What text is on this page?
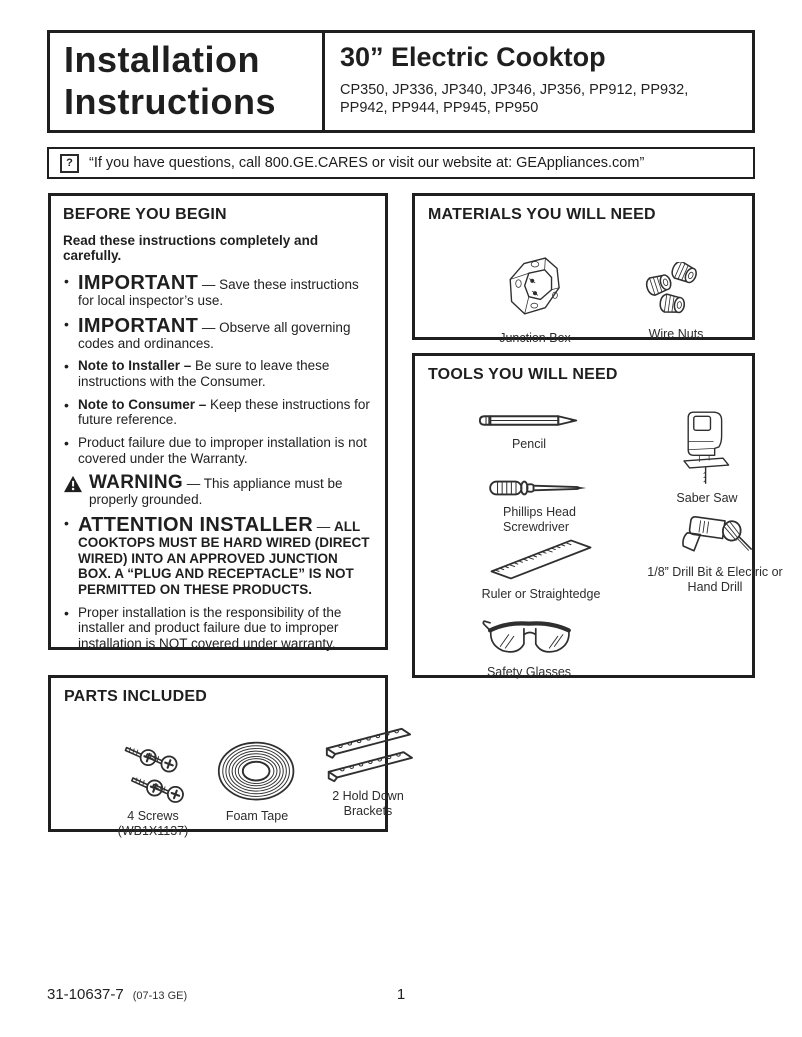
Installation
Instructions
30” Electric Cooktop
CP350, JP336, JP340, JP346, JP356, PP912, PP932,
PP942, PP944, PP945, PP950
?	“If you have questions, call 800.GE.CARES or visit our website at: GEAppliances.com”
BEFORE YOU BEGIN

Read these instructions completely and carefully.

• IMPORTANT — Save these instructions for local inspector’s use.
• IMPORTANT — Observe all governing codes and ordinances.
• Note to Installer – Be sure to leave these instructions with the Consumer.
• Note to Consumer – Keep these instructions for future reference.
• Product failure due to improper installation is not covered under the Warranty.
WARNING — This appliance must be properly grounded.
• ATTENTION INSTALLER — ALL COOKTOPS MUST BE HARD WIRED (DIRECT WIRED) INTO AN APPROVED JUNCTION BOX. A “PLUG AND RECEPTACLE” IS NOT PERMITTED ON THESE PRODUCTS.
• Proper installation is the responsibility of the installer and product failure due to improper installation is NOT covered under warranty.
MATERIALS YOU WILL NEED
Junction Box	Wire Nuts
TOOLS YOU WILL NEED
Pencil
Saber Saw
Phillips Head Screwdriver
1/8” Drill Bit & Electric or Hand Drill
Ruler or Straightedge
Safety Glasses
PARTS INCLUDED
4 Screws (WB1X1137)
Foam Tape
2 Hold Down Brackets
31-10637-7 (07-13 GE)	1
